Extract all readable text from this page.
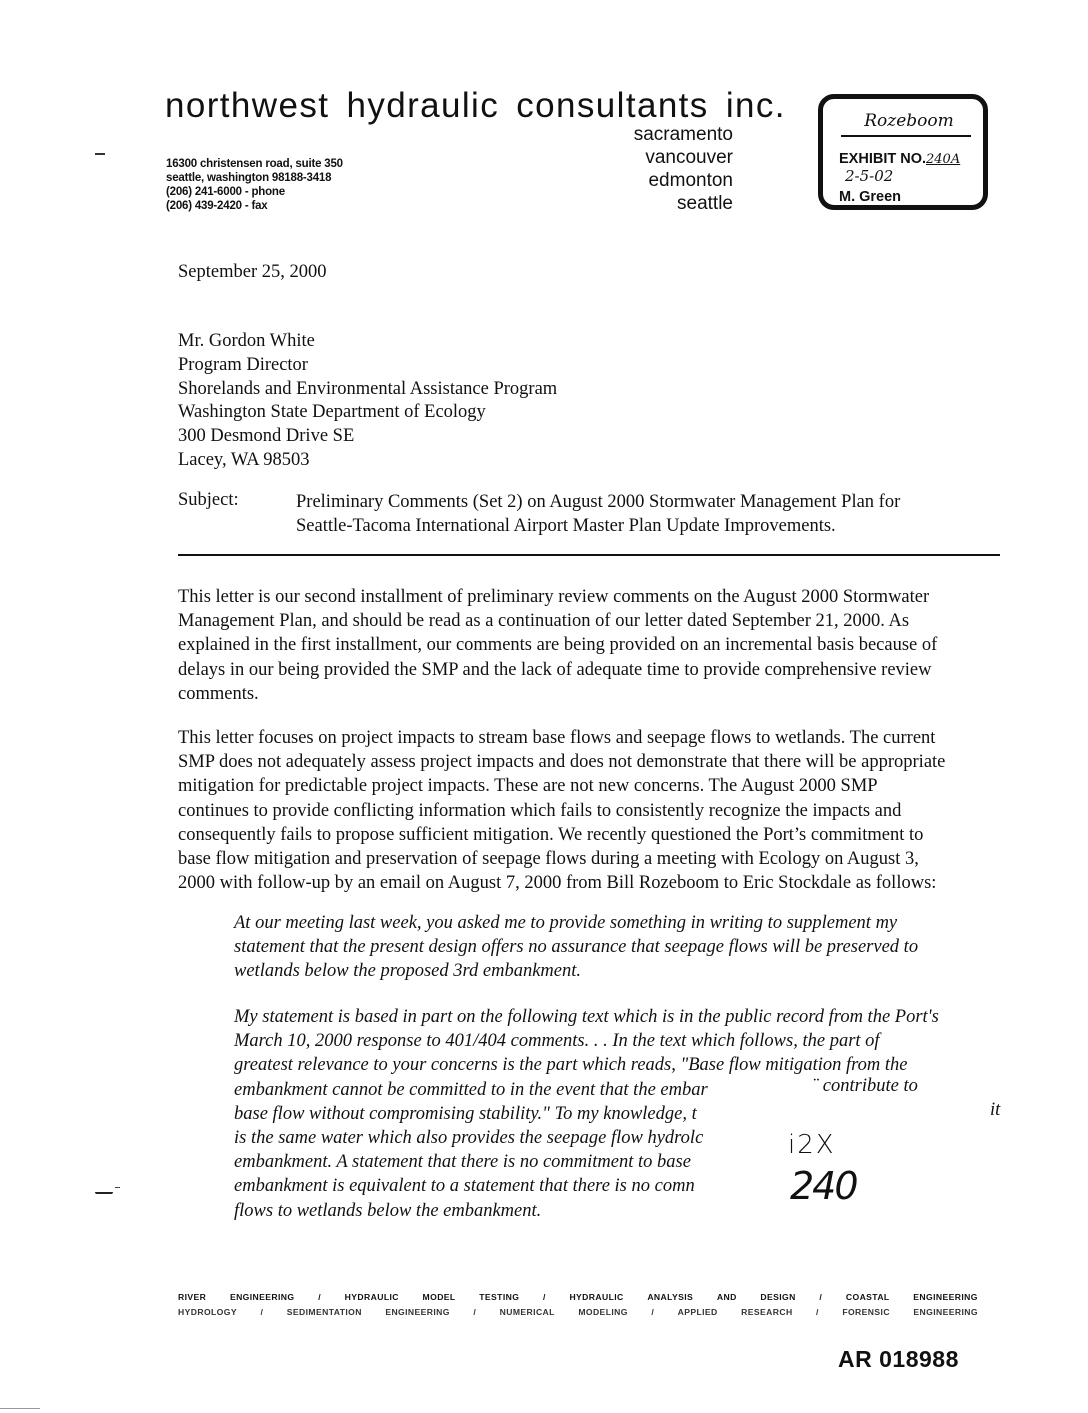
northwest hydraulic consultants inc.
16300 christensen road, suite 350
seattle, washington 98188-3418
(206) 241-6000 - phone
(206) 439-2420 - fax
sacramento
vancouver
edmonton
seattle
Rozeboom
EXHIBIT NO.240A
2-5-02
M. Green
September 25, 2000
Mr. Gordon White
Program Director
Shorelands and Environmental Assistance Program
Washington State Department of Ecology
300 Desmond Drive SE
Lacey, WA 98503
Subject:	Preliminary Comments (Set 2) on August 2000 Stormwater Management Plan for
Seattle-Tacoma International Airport Master Plan Update Improvements.
This letter is our second installment of preliminary review comments on the August 2000 Stormwater
Management Plan, and should be read as a continuation of our letter dated September 21, 2000. As
explained in the first installment, our comments are being provided on an incremental basis because of
delays in our being provided the SMP and the lack of adequate time to provide comprehensive review
comments.
This letter focuses on project impacts to stream base flows and seepage flows to wetlands. The current
SMP does not adequately assess project impacts and does not demonstrate that there will be appropriate
mitigation for predictable project impacts. These are not new concerns. The August 2000 SMP
continues to provide conflicting information which fails to consistently recognize the impacts and
consequently fails to propose sufficient mitigation. We recently questioned the Port’s commitment to
base flow mitigation and preservation of seepage flows during a meeting with Ecology on August 3,
2000 with follow-up by an email on August 7, 2000 from Bill Rozeboom to Eric Stockdale as follows:
At our meeting last week, you asked me to provide something in writing to supplement my
statement that the present design offers no assurance that seepage flows will be preserved to
wetlands below the proposed 3rd embankment.
My statement is based in part on the following text which is in the public record from the Port's
March 10, 2000 response to 401/404 comments. . . In the text which follows, the part of
greatest relevance to your concerns is the part which reads, "Base flow mitigation from the
embankment cannot be committed to in the event that the embar
base flow without compromising stability." To my knowledge, t
is the same water which also provides the seepage flow hydrolc
embankment. A statement that there is no commitment to base
embankment is equivalent to a statement that there is no comn
flows to wetlands below the embankment.
¨ contribute to
it
i2X
240
RIVER	ENGINEERING	/	HYDRAULIC	MODEL	TESTING	/	HYDRAULIC	ANALYSIS	AND	DESIGN	/	COASTAL	ENGINEERING
HYDROLOGY	/	SEDIMENTATION	ENGINEERING	/	NUMERICAL	MODELING	/	APPLIED	RESEARCH	/	FORENSIC	ENGINEERING
AR 018988
